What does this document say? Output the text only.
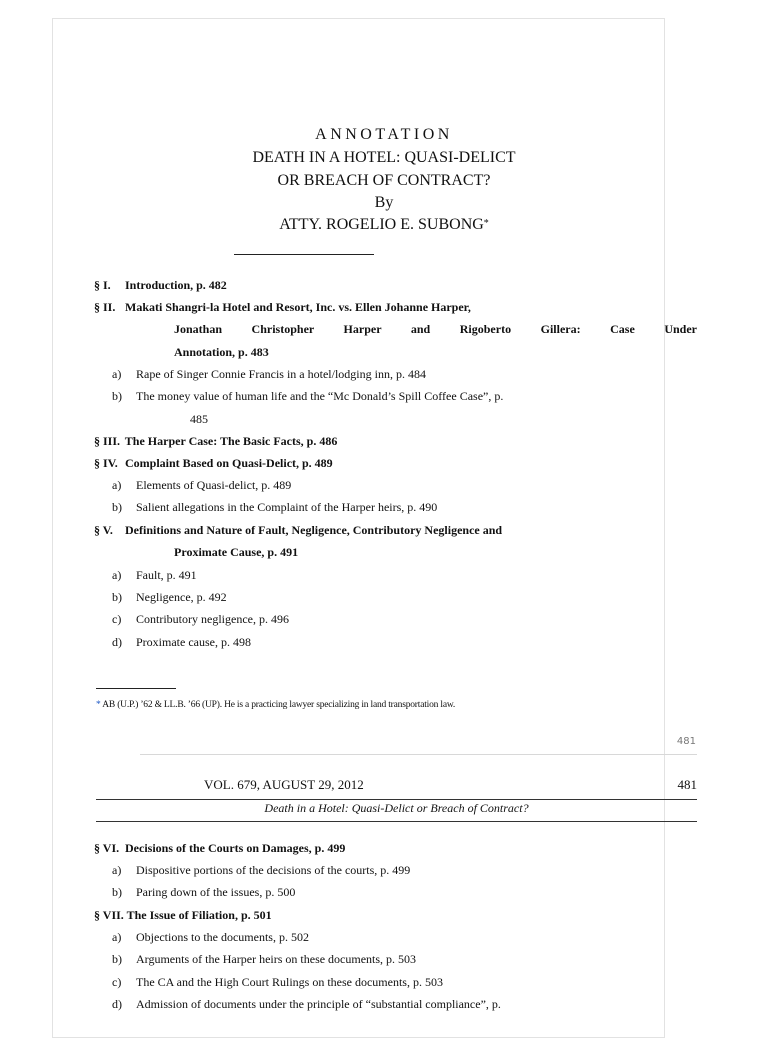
ANNOTATION
DEATH IN A HOTEL: QUASI-DELICT
OR BREACH OF CONTRACT?
By
ATTY. ROGELIO E. SUBONG*
§ I. Introduction, p. 482
§ II. Makati Shangri-la Hotel and Resort, Inc. vs. Ellen Johanne Harper,
Jonathan Christopher Harper and Rigoberto Gillera: Case Under
Annotation, p. 483
a) Rape of Singer Connie Francis in a hotel/lodging inn, p. 484
b) The money value of human life and the “Mc Donald’s Spill Coffee Case”, p.
485
§ III. The Harper Case: The Basic Facts, p. 486
§ IV. Complaint Based on Quasi-Delict, p. 489
a) Elements of Quasi-delict, p. 489
b) Salient allegations in the Complaint of the Harper heirs, p. 490
§ V. Definitions and Nature of Fault, Negligence, Contributory Negligence and
Proximate Cause, p. 491
a) Fault, p. 491
b) Negligence, p. 492
c) Contributory negligence, p. 496
d) Proximate cause, p. 498
* AB (U.P.) ’62 & LL.B. ’66 (UP). He is a practicing lawyer specializing in land transportation law.
481
VOL. 679, AUGUST 29, 2012	481
Death in a Hotel: Quasi-Delict or Breach of Contract?
§ VI. Decisions of the Courts on Damages, p. 499
a) Dispositive portions of the decisions of the courts, p. 499
b) Paring down of the issues, p. 500
§ VII. The Issue of Filiation, p. 501
a) Objections to the documents, p. 502
b) Arguments of the Harper heirs on these documents, p. 503
c) The CA and the High Court Rulings on these documents, p. 503
d) Admission of documents under the principle of “substantial compliance”, p.
